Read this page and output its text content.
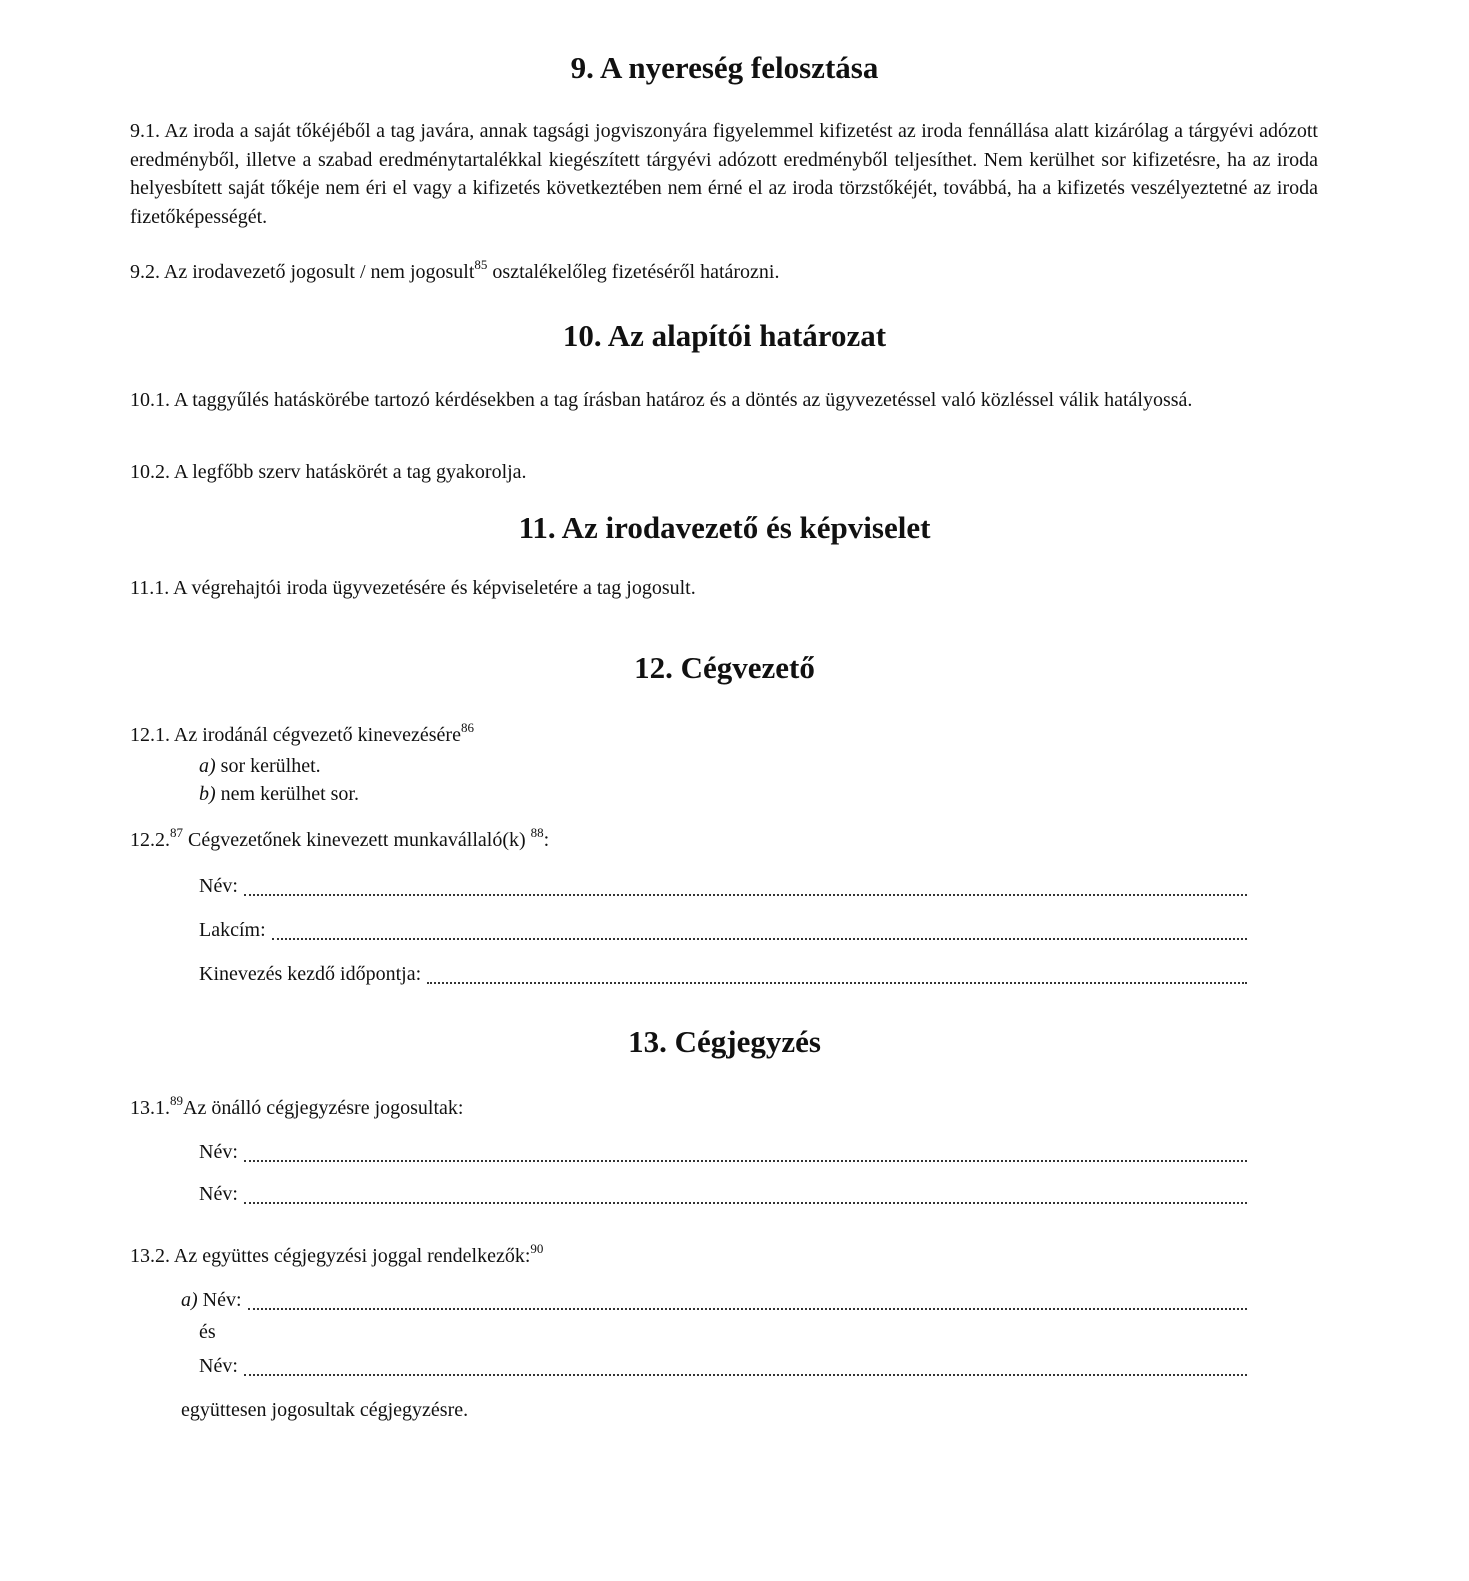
9. A nyereség felosztása

9.1. Az iroda a saját tőkéjéből a tag javára, annak tagsági jogviszonyára figyelemmel kifizetést az iroda fennállása alatt kizárólag a tárgyévi adózott eredményből, illetve a szabad eredménytartalékkal kiegészített tárgyévi adózott eredményből teljesíthet. Nem kerülhet sor kifizetésre, ha az iroda helyesbített saját tőkéje nem éri el vagy a kifizetés következtében nem érné el az iroda törzstőkéjét, továbbá, ha a kifizetés veszélyeztetné az iroda fizetőképességét.

9.2. Az irodavezető jogosult / nem jogosult$^{85}$ osztalékelőleg fizetéséről határozni.

10. Az alapítói határozat

10.1. A taggyűlés hatáskörébe tartozó kérdésekben a tag írásban határoz és a döntés az ügyvezetéssel való közléssel válik hatályossá.

10.2. A legfőbb szerv hatáskörét a tag gyakorolja.

11. Az irodavezető és képviselet

11.1. A végrehajtói iroda ügyvezetésére és képviseletére a tag jogosult.

12. Cégvezető

12.1. Az irodánál cégvezető kinevezésére$^{86}$

a) sor kerülhet.

b) nem kerülhet sor.

12.2.87 Cégvezetőnek kinevezett munkavállaló(k) $^{88}$:

Név:
Lakcím:
Kinevezés kezdő időpontja:
13. Cégjegyzés

13.1.89Az önálló cégjegyzésre jogosultak:

Név:
Név:

13.2. Az együttes cégjegyzési joggal rendelkezők:$^{90}$

a) Név:

és

Név:

együttesen jogosultak cégjegyzésre.
